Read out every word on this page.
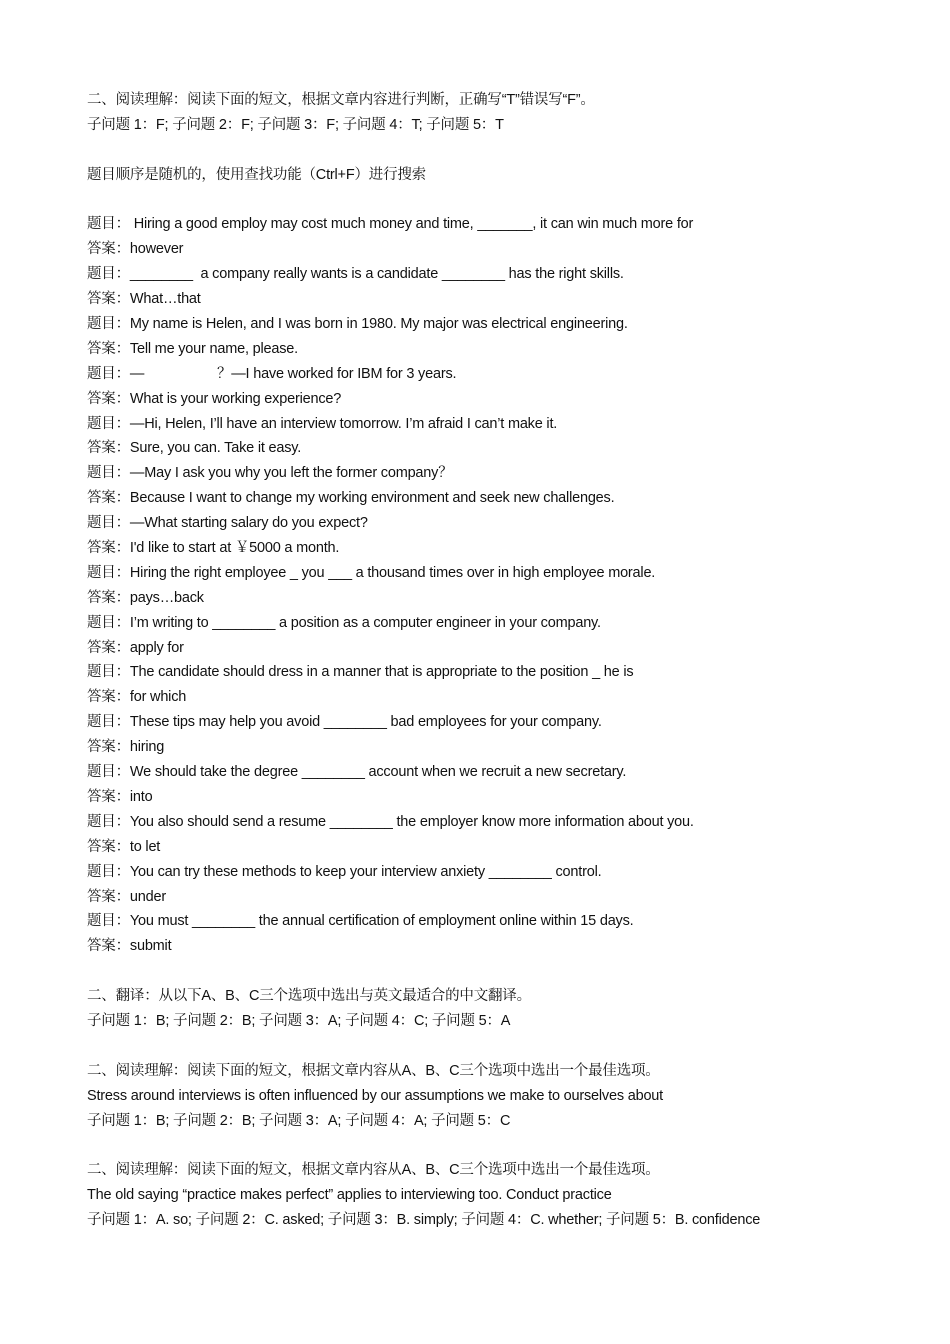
二、阅读理解：阅读下面的短文，根据文章内容进行判断，正确写“T”错误写“F”。
子问题 1：F; 子问题 2：F; 子问题 3：F; 子问题 4：T; 子问题 5：T
题目顺序是随机的，使用查找功能（Ctrl+F）进行搜索
题目： Hiring a good employ may cost much money and time, _______, it can win much more for
答案：however
题目：________  a company really wants is a candidate ________ has the right skills.
答案：What…that
题目：My name is Helen, and I was born in 1980. My major was electrical engineering.
答案：Tell me your name, please.
题目：—                   ？—I have worked for IBM for 3 years.
答案：What is your working experience?
题目：—Hi, Helen, I’ll have an interview tomorrow. I’m afraid I can’t make it.
答案：Sure, you can. Take it easy.
题目：—May I ask you why you left the former company？
答案：Because I want to change my working environment and seek new challenges.
题目：—What starting salary do you expect?
答案：I'd like to start at ￥5000 a month.
题目：Hiring the right employee _ you ___ a thousand times over in high employee morale.
答案：pays…back
题目：I’m writing to ________ a position as a computer engineer in your company.
答案：apply for
题目：The candidate should dress in a manner that is appropriate to the position _ he is
答案：for which
题目：These tips may help you avoid ________ bad employees for your company.
答案：hiring
题目：We should take the degree ________ account when we recruit a new secretary.
答案：into
题目：You also should send a resume ________ the employer know more information about you.
答案：to let
题目：You can try these methods to keep your interview anxiety ________ control.
答案：under
题目：You must ________ the annual certification of employment online within 15 days.
答案：submit
二、翻译：从以下A、B、C三个选项中选出与英文最适合的中文翻译。
子问题 1：B; 子问题 2：B; 子问题 3：A; 子问题 4：C; 子问题 5：A
二、阅读理解：阅读下面的短文，根据文章内容从A、B、C三个选项中选出一个最佳选项。
Stress around interviews is often influenced by our assumptions we make to ourselves about
子问题 1：B; 子问题 2：B; 子问题 3：A; 子问题 4：A; 子问题 5：C
二、阅读理解：阅读下面的短文，根据文章内容从A、B、C三个选项中选出一个最佳选项。
The old saying “practice makes perfect” applies to interviewing too. Conduct practice
子问题 1：A. so; 子问题 2：C. asked; 子问题 3：B. simply; 子问题 4：C. whether; 子问题 5：B. confidence
